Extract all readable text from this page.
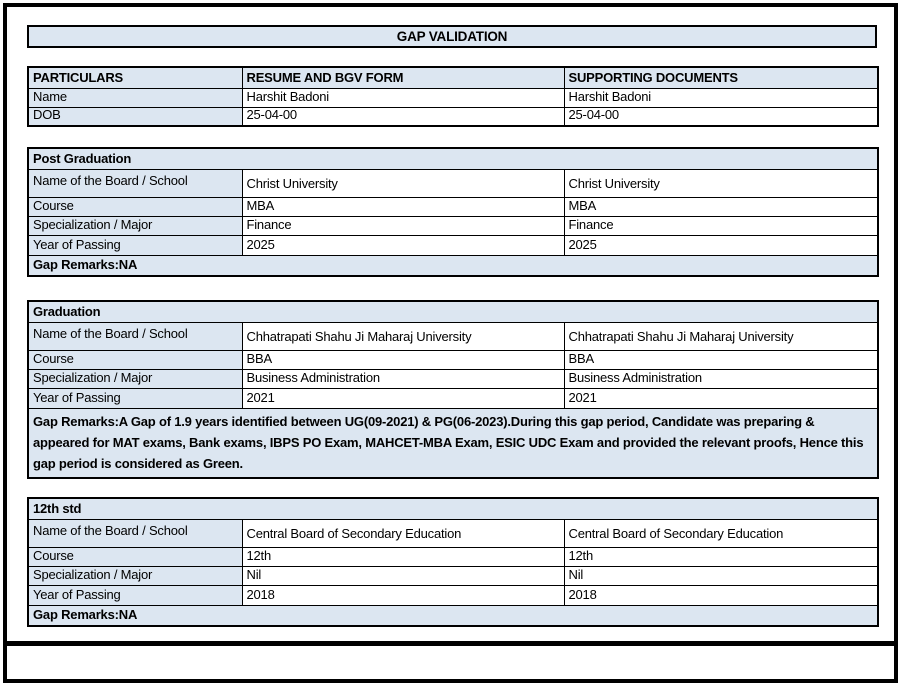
GAP VALIDATION
PARTICULARS	RESUME AND BGV FORM	SUPPORTING DOCUMENTS
Name	Harshit Badoni	Harshit Badoni
DOB	25-04-00	25-04-00
Post Graduation		
Name of the Board / School	Christ University	Christ University
Course	MBA	MBA
Specialization / Major	Finance	Finance
Year of Passing	2025	2025
Gap Remarks:NA		
Graduation		
Name of the Board / School	Chhatrapati Shahu Ji Maharaj University	Chhatrapati Shahu Ji Maharaj University
Course	BBA	BBA
Specialization / Major	Business Administration	Business Administration
Year of Passing	2021	2021
Gap Remarks:A Gap of 1.9 years identified between UG(09-2021) & PG(06-2023).During this gap period, Candidate was preparing & appeared for MAT exams, Bank exams, IBPS PO Exam, MAHCET-MBA Exam, ESIC UDC Exam and provided the relevant proofs, Hence this gap period is considered as Green.		
12th std		
Name of the Board / School	Central Board of Secondary Education	Central Board of Secondary Education
Course	12th	12th
Specialization / Major	Nil	Nil
Year of Passing	2018	2018
Gap Remarks:NA		
